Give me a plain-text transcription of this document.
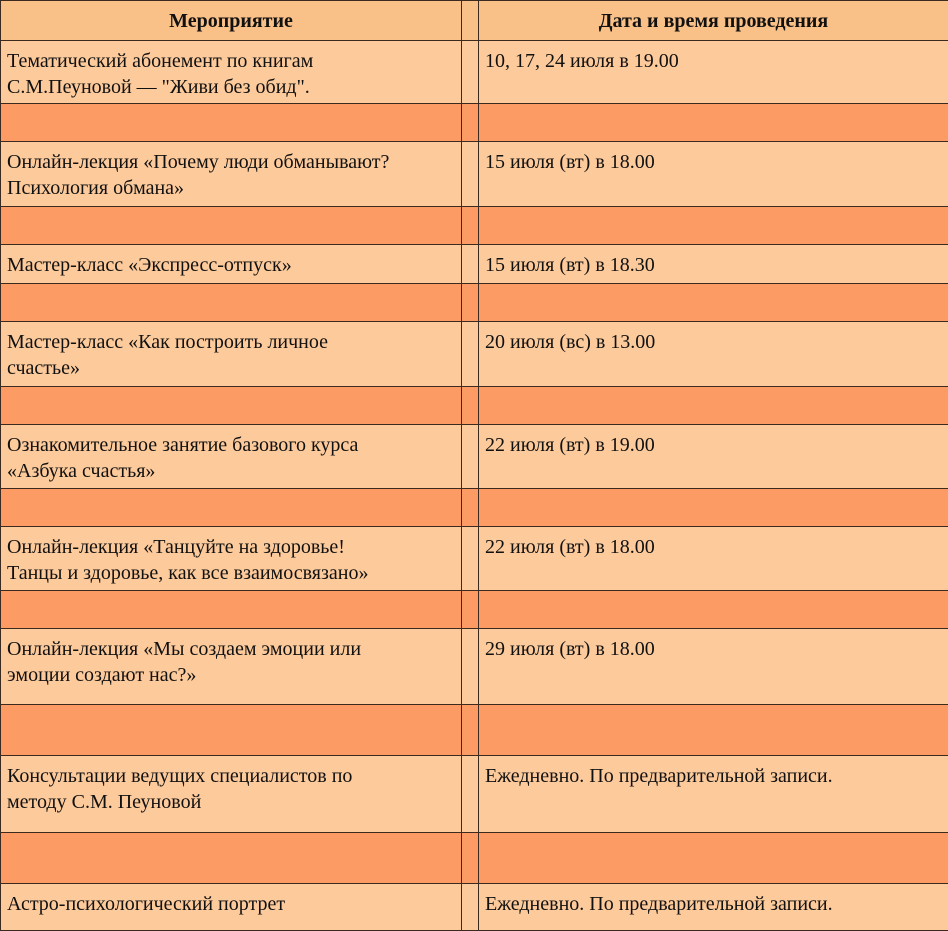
Мероприятие		Дата и время проведения

Тематический абонемент по книгам
С.М.Пеуновой — "Живи без обид".		10, 17, 24 июля в 19.00

Онлайн-лекция «Почему люди обманывают?
Психология обмана»		15 июля (вт) в 18.00

Мастер-класс «Экспресс-отпуск»		15 июля (вт) в 18.30

Мастер-класс «Как построить личное
счастье»		20 июля (вс) в 13.00

Ознакомительное занятие базового курса
«Азбука счастья»		22 июля (вт) в 19.00

Онлайн-лекция «Танцуйте на здоровье!
Танцы и здоровье, как все взаимосвязано»		22 июля (вт) в 18.00

Онлайн-лекция «Мы создаем эмоции или
эмоции создают нас?»		29 июля (вт) в 18.00

Консультации ведущих специалистов по
методу С.М. Пеуновой		Ежедневно. По предварительной записи.

Астро-психологический портрет		Ежедневно. По предварительной записи.
